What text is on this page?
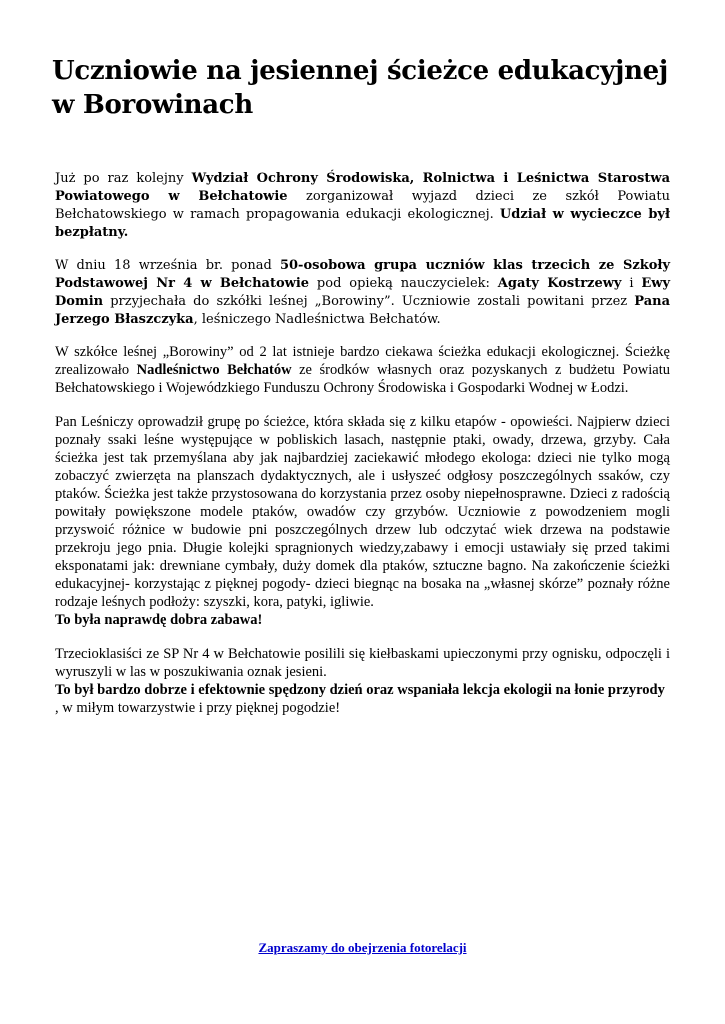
Uczniowie na jesiennej ścieżce edukacyjnej w Borowinach

Już po raz kolejny Wydział Ochrony Środowiska, Rolnictwa i Leśnictwa Starostwa Powiatowego w Bełchatowie zorganizował wyjazd dzieci ze szkół Powiatu Bełchatowskiego w ramach propagowania edukacji ekologicznej. Udział w wycieczce był bezpłatny.

W dniu 18 września br. ponad 50-osobowa grupa uczniów klas trzecich ze Szkoły Podstawowej Nr 4 w Bełchatowie pod opieką nauczycielek: Agaty Kostrzewy i Ewy Domin przyjechała do szkółki leśnej „Borowiny”. Uczniowie zostali powitani przez Pana Jerzego Błaszczyka, leśniczego Nadleśnictwa Bełchatów.

W szkółce leśnej „Borowiny” od 2 lat istnieje bardzo ciekawa ścieżka edukacji ekologicznej. Ścieżkę zrealizowało Nadleśnictwo Bełchatów ze środków własnych oraz pozyskanych z budżetu Powiatu Bełchatowskiego i Wojewódzkiego Funduszu Ochrony Środowiska i Gospodarki Wodnej w Łodzi.

Pan Leśniczy oprowadził grupę po ścieżce, która składa się z kilku etapów - opowieści. Najpierw dzieci poznały ssaki leśne występujące w pobliskich lasach, następnie ptaki, owady, drzewa, grzyby. Cała ścieżka jest tak przemyślana aby jak najbardziej zaciekawić młodego ekologa: dzieci nie tylko mogą zobaczyć zwierzęta na planszach dydaktycznych, ale i usłyszeć odgłosy poszczególnych ssaków, czy ptaków. Ścieżka jest także przystosowana do korzystania przez osoby niepełnosprawne. Dzieci z radością powitały powiększone modele ptaków, owadów czy grzybów. Uczniowie z powodzeniem mogli przyswoić różnice w budowie pni poszczególnych drzew lub odczytać wiek drzewa na podstawie przekroju jego pnia. Długie kolejki spragnionych wiedzy,zabawy i emocji ustawiały się przed takimi eksponatami jak: drewniane cymbały, duży domek dla ptaków, sztuczne bagno. Na zakończenie ścieżki edukacyjnej- korzystając z pięknej pogody- dzieci biegnąc na bosaka na „własnej skórze” poznały różne rodzaje leśnych podłoży: szyszki, kora, patyki, igliwie.
To była naprawdę dobra zabawa!

Trzecioklasiści ze SP Nr 4 w Bełchatowie posilili się kiełbaskami upieczonymi przy ognisku, odpoczęli i wyruszyli w las w poszukiwania oznak jesieni.
To był bardzo dobrze i efektownie spędzony dzień oraz wspaniała lekcja ekologii na łonie przyrody
, w miłym towarzystwie i przy pięknej pogodzie!

Zapraszamy do obejrzenia fotorelacji
